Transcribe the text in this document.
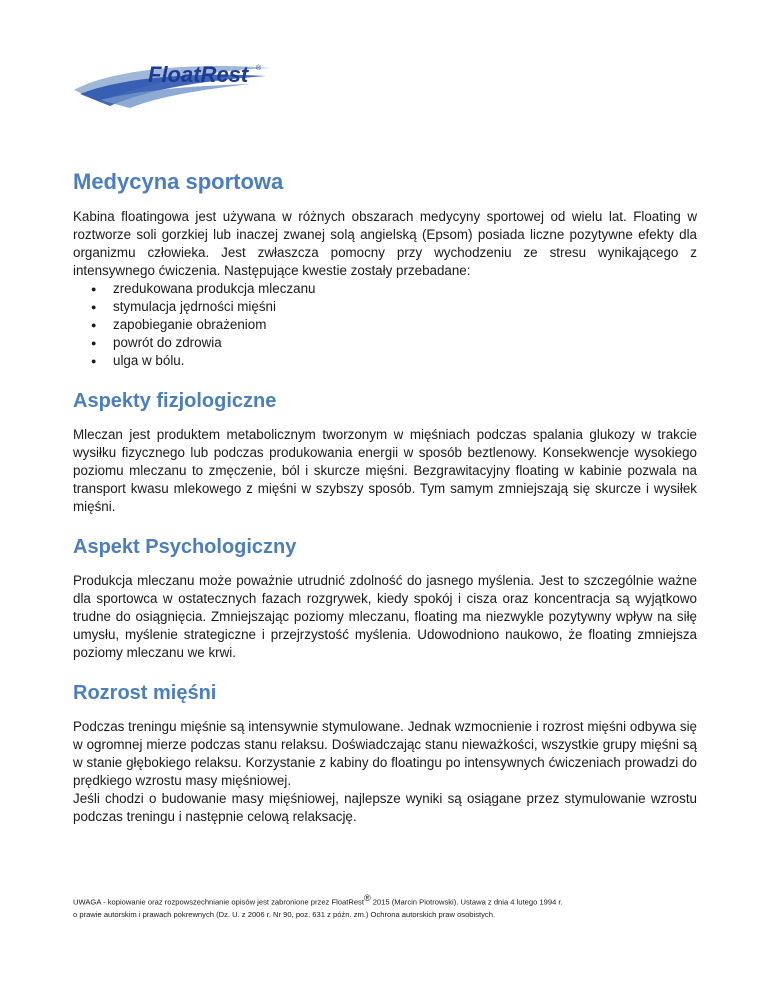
FloatRest ®
Medycyna sportowa

Kabina floatingowa jest używana w różnych obszarach medycyny sportowej od wielu lat. Floating w roztworze soli gorzkiej lub inaczej zwanej solą angielską (Epsom) posiada liczne pozytywne efekty dla organizmu człowieka. Jest zwłaszcza pomocny przy wychodzeniu ze stresu wynikającego z intensywnego ćwiczenia. Następujące kwestie zostały przebadane:

● zredukowana produkcja mleczanu
● stymulacja jędrności mięśni
● zapobieganie obrażeniom
● powrót do zdrowia
● ulga w bólu.
Aspekty fizjologiczne

Mleczan jest produktem metabolicznym tworzonym w mięśniach podczas spalania glukozy w trakcie wysiłku fizycznego lub podczas produkowania energii w sposób beztlenowy. Konsekwencje wysokiego poziomu mleczanu to zmęczenie, ból i skurcze mięśni. Bezgrawitacyjny floating w kabinie pozwala na transport kwasu mlekowego z mięśni w szybszy sposób. Tym samym zmniejszają się skurcze i wysiłek mięśni.

Aspekt Psychologiczny

Produkcja mleczanu może poważnie utrudnić zdolność do jasnego myślenia. Jest to szczególnie ważne dla sportowca w ostatecznych fazach rozgrywek, kiedy spokój i cisza oraz koncentracja są wyjątkowo trudne do osiągnięcia. Zmniejszając poziomy mleczanu, floating ma niezwykle pozytywny wpływ na siłę umysłu, myślenie strategiczne i przejrzystość myślenia. Udowodniono naukowo, że floating zmniejsza poziomy mleczanu we krwi.

Rozrost mięśni

Podczas treningu mięśnie są intensywnie stymulowane. Jednak wzmocnienie i rozrost mięśni odbywa się w ogromnej mierze podczas stanu relaksu. Doświadczając stanu nieważkości, wszystkie grupy mięśni są w stanie głębokiego relaksu. Korzystanie z kabiny do floatingu po intensywnych ćwiczeniach prowadzi do prędkiego wzrostu masy mięśniowej.

Jeśli chodzi o budowanie masy mięśniowej, najlepsze wyniki są osiągane przez stymulowanie wzrostu podczas treningu i następnie celową relaksację.

UWAGA - kopiowanie oraz rozpowszechnianie opisów jest zabronione przez FloatRest® 2015 (Marcin Piotrowski). Ustawa z dnia 4 lutego 1994 r.
o prawie autorskim i prawach pokrewnych (Dz. U. z 2006 r. Nr 90, poz. 631 z późn. zm.) Ochrona autorskich praw osobistych.
